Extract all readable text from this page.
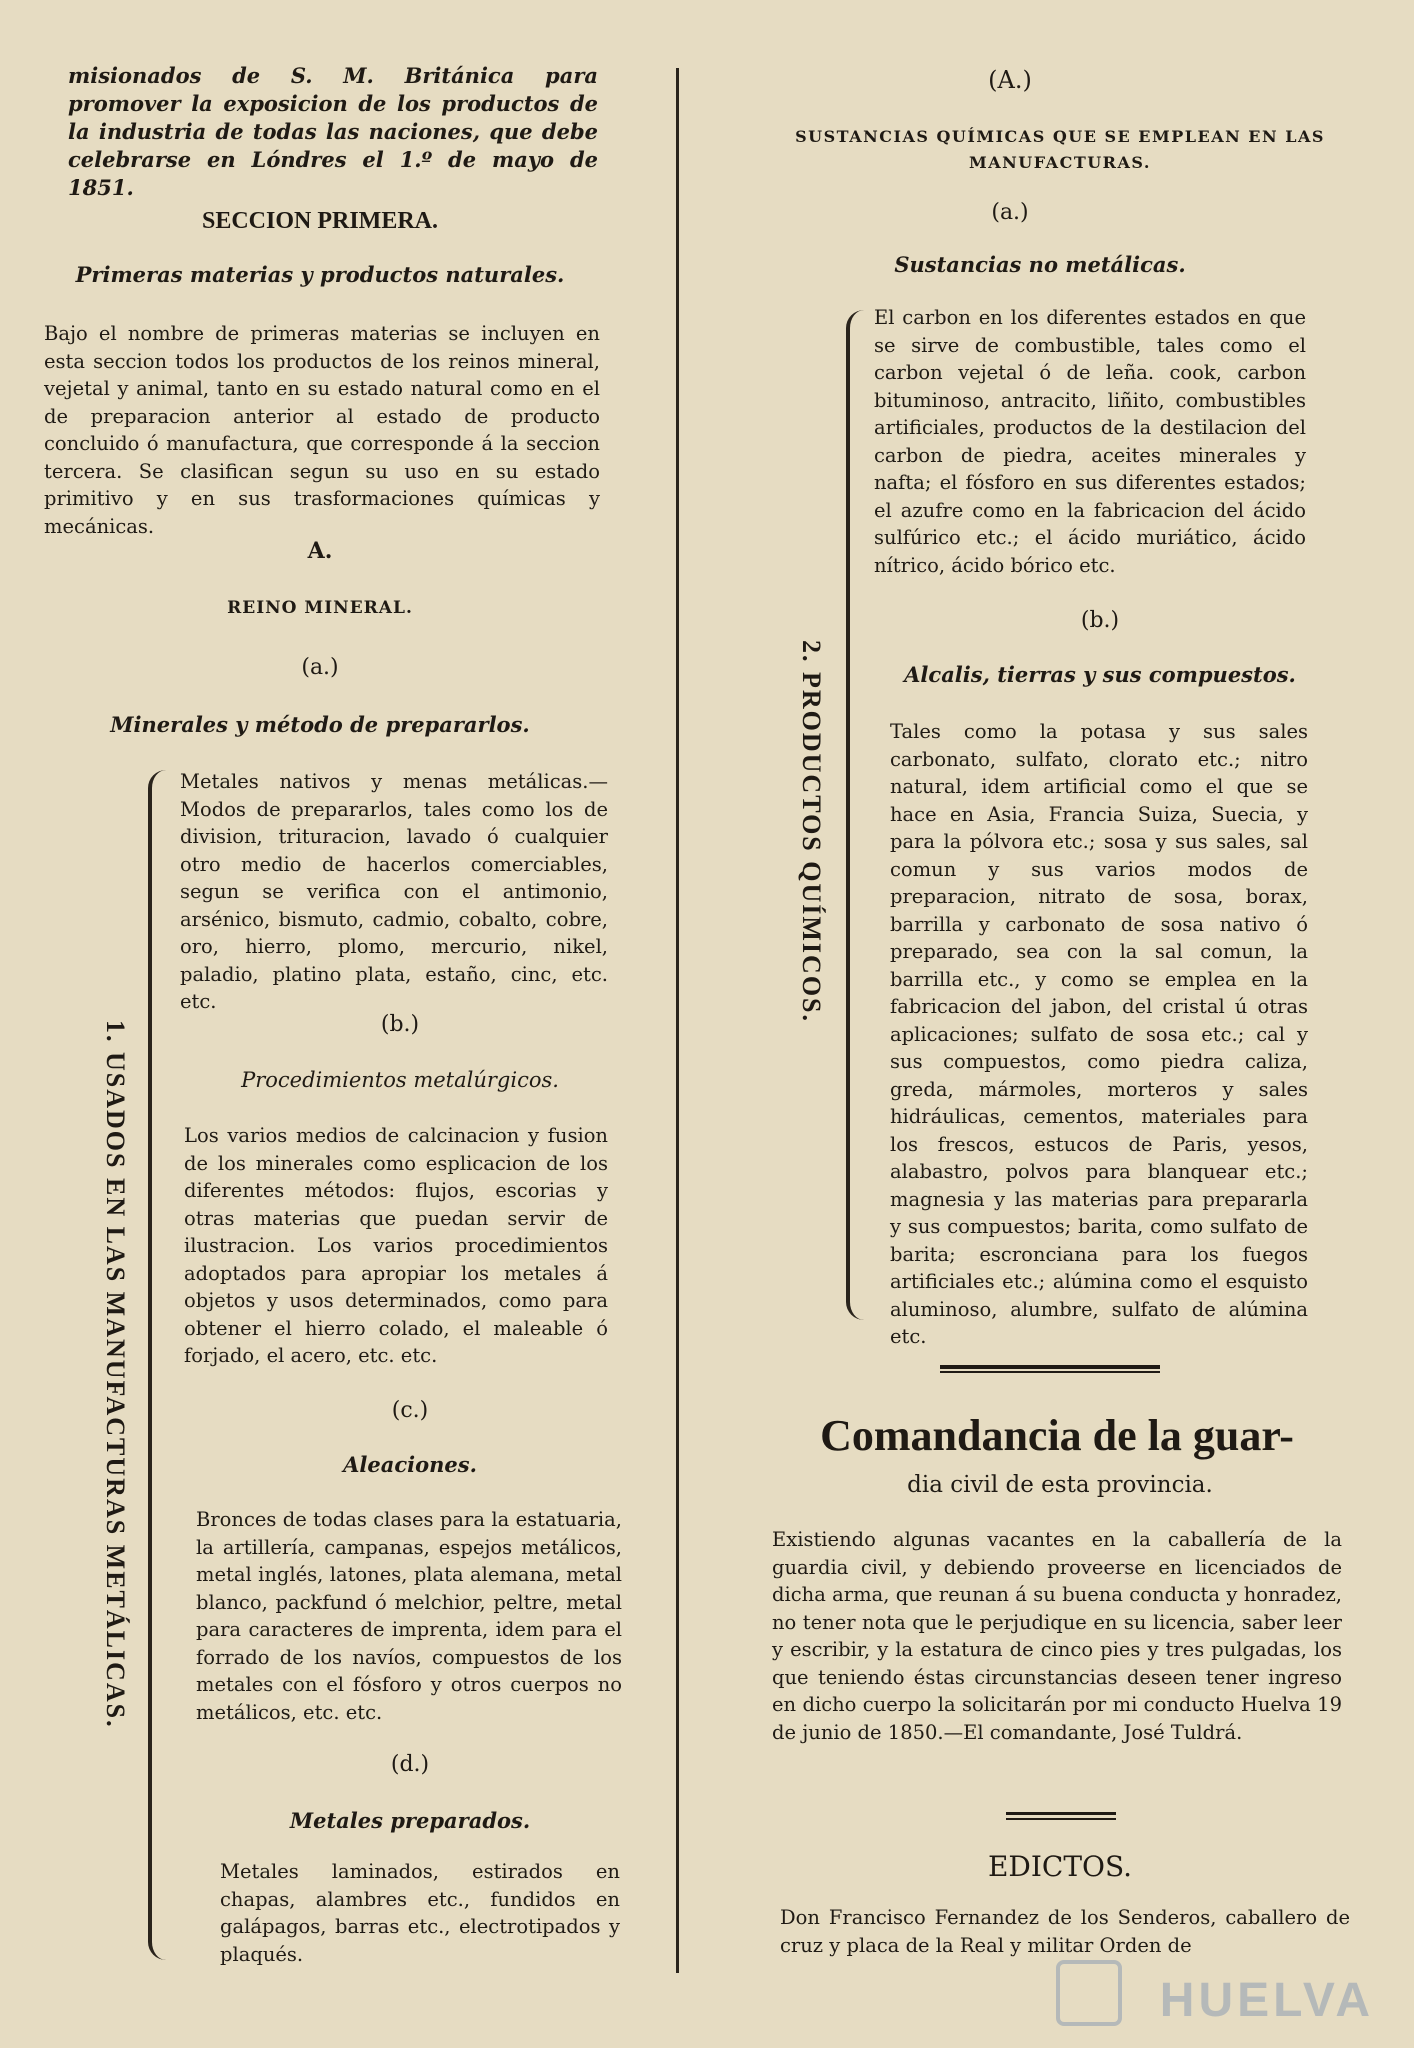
misionados de S. M. Británica para promover la exposicion de los productos de la industria de todas las naciones, que debe celebrarse en Lóndres el 1.º de mayo de 1851.
SECCION PRIMERA.
Primeras materias y productos naturales.
Bajo el nombre de primeras materias se incluyen en esta seccion todos los productos de los reinos mineral, vejetal y animal, tanto en su estado natural como en el de preparacion anterior al estado de producto concluido ó manufactura, que corresponde á la seccion tercera. Se clasifican segun su uso en su estado primitivo y en sus trasformaciones químicas y mecánicas.
A.
REINO MINERAL.
1. USADOS EN LAS MANUFACTURAS METÁLICAS.
(a.)
Minerales y método de prepararlos.
Metales nativos y menas metálicas.— Modos de prepararlos, tales como los de division, trituracion, lavado ó cualquier otro medio de hacerlos comerciables, segun se verifica con el antimonio, arsénico, bismuto, cadmio, cobalto, cobre, oro, hierro, plomo, mercurio, nikel, paladio, platino plata, estaño, cinc, etc. etc.
(b.)
Procedimientos metalúrgicos.
Los varios medios de calcinacion y fusion de los minerales como esplicacion de los diferentes métodos: flujos, escorias y otras materias que puedan servir de ilustracion. Los varios procedimientos adoptados para apropiar los metales á objetos y usos determinados, como para obtener el hierro colado, el maleable ó forjado, el acero, etc. etc.
(c.)
Aleaciones.
Bronces de todas clases para la estatuaria, la artillería, campanas, espejos metálicos, metal inglés, latones, plata alemana, metal blanco, packfund ó melchior, peltre, metal para caracteres de imprenta, idem para el forrado de los navíos, compuestos de los metales con el fósforo y otros cuerpos no metálicos, etc. etc.
(d.)
Metales preparados.
Metales laminados, estirados en chapas, alambres etc., fundidos en galápagos, barras etc., electrotipados y plaqués.
(A.)
SUSTANCIAS QUÍMICAS QUE SE EMPLEAN EN LAS MANUFACTURAS.
(a.)
Sustancias no metálicas.
El carbon en los diferentes estados en que se sirve de combustible, tales como el carbon vejetal ó de leña. cook, carbon bituminoso, antracito, liñito, combustibles artificiales, productos de la destilacion del carbon de piedra, aceites minerales y nafta; el fósforo en sus diferentes estados; el azufre como en la fabricacion del ácido sulfúrico etc.; el ácido muriático, ácido nítrico, ácido bórico etc.
2. PRODUCTOS QUÍMICOS.
(b.)
Alcalis, tierras y sus compuestos.
Tales como la potasa y sus sales carbonato, sulfato, clorato etc.; nitro natural, idem artificial como el que se hace en Asia, Francia Suiza, Suecia, y para la pólvora etc.; sosa y sus sales, sal comun y sus varios modos de preparacion, nitrato de sosa, borax, barrilla y carbonato de sosa nativo ó preparado, sea con la sal comun, la barrilla etc., y como se emplea en la fabricacion del jabon, del cristal ú otras aplicaciones; sulfato de sosa etc.; cal y sus compuestos, como piedra caliza, greda, mármoles, morteros y sales hidráulicas, cementos, materiales para los frescos, estucos de Paris, yesos, alabastro, polvos para blanquear etc.; magnesia y las materias para prepararla y sus compuestos; barita, como sulfato de barita; escronciana para los fuegos artificiales etc.; alúmina como el esquisto aluminoso, alumbre, sulfato de alúmina etc.
Comandancia de la guar-
dia civil de esta provincia.
Existiendo algunas vacantes en la caballería de la guardia civil, y debiendo proveerse en licenciados de dicha arma, que reunan á su buena conducta y honradez, no tener nota que le perjudique en su licencia, saber leer y escribir, y la estatura de cinco pies y tres pulgadas, los que teniendo éstas circunstancias deseen tener ingreso en dicho cuerpo la solicitarán por mi conducto Huelva 19 de junio de 1850.—El comandante, José Tuldrá.
EDICTOS.
Don Francisco Fernandez de los Senderos, caballero de cruz y placa de la Real y militar Orden de
HUELVA
